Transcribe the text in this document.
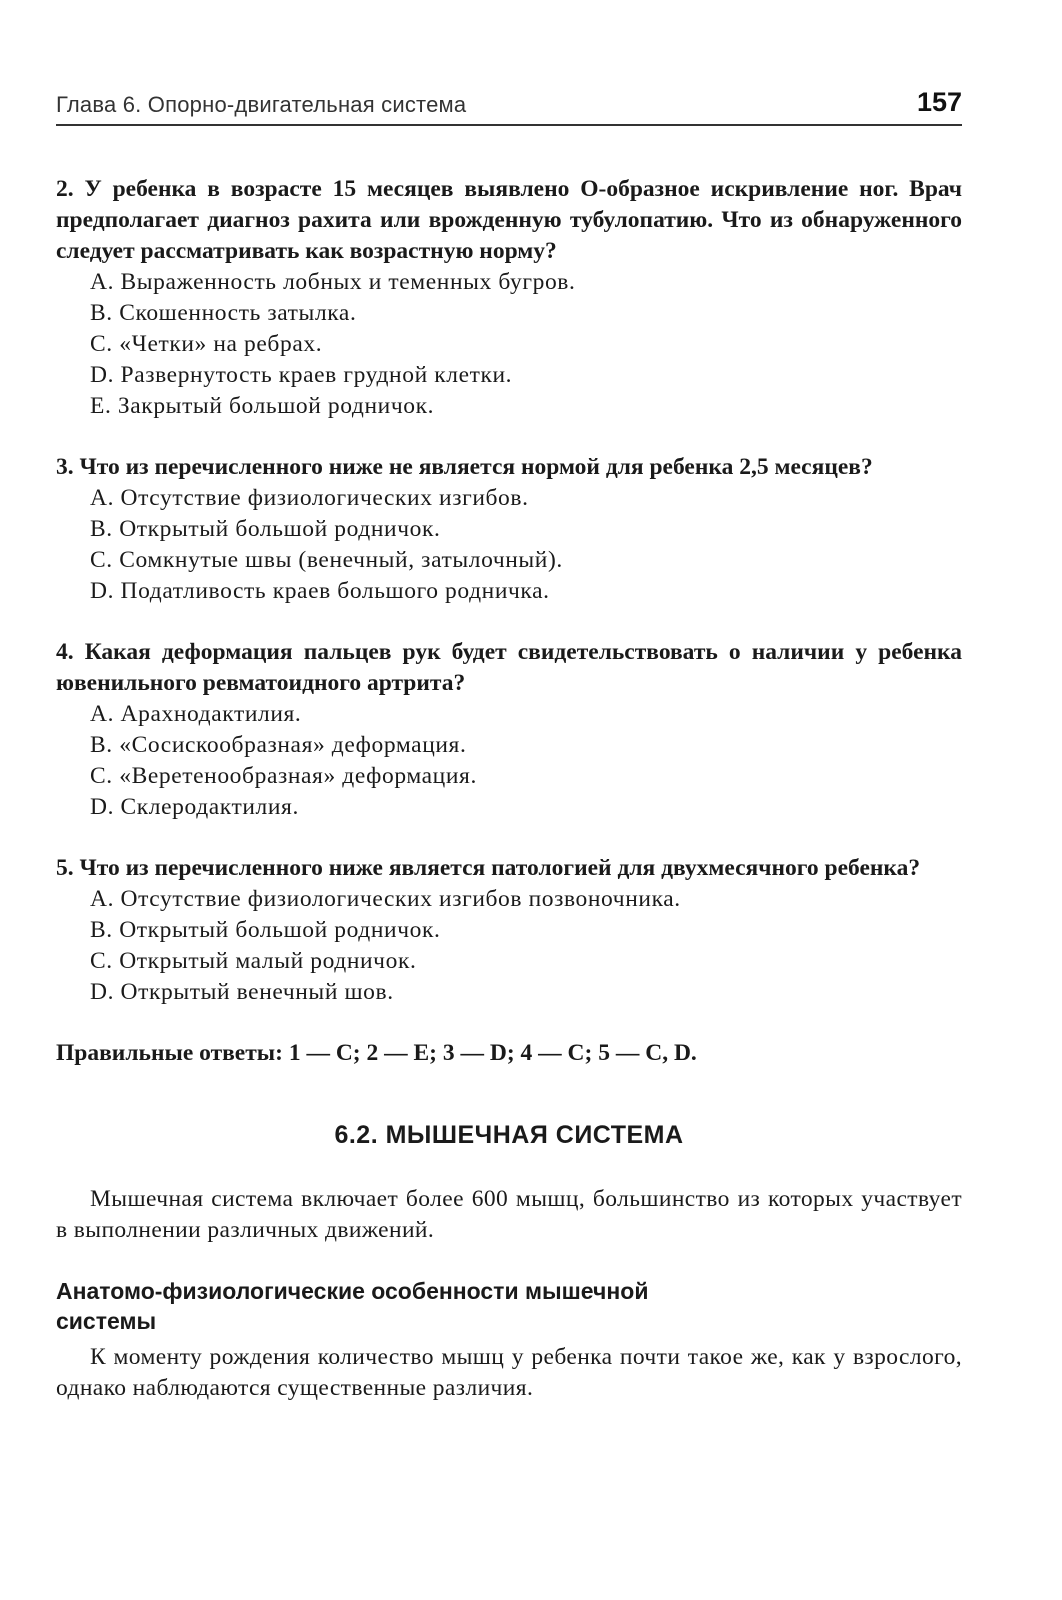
Глава 6. Опорно-двигательная система	157

2. У ребенка в возрасте 15 месяцев выявлено О-образное искривление ног. Врач предполагает диагноз рахита или врожденную тубулопатию. Что из обнаруженного следует рассматривать как возрастную норму?

A. Выраженность лобных и теменных бугров.
B. Скошенность затылка.
C. «Четки» на ребрах.
D. Развернутость краев грудной клетки.
E. Закрытый большой родничок.

3. Что из перечисленного ниже не является нормой для ребенка 2,5 месяцев?

A. Отсутствие физиологических изгибов.
B. Открытый большой родничок.
C. Сомкнутые швы (венечный, затылочный).
D. Податливость краев большого родничка.

4. Какая деформация пальцев рук будет свидетельствовать о наличии у ребенка ювенильного ревматоидного артрита?

A. Арахнодактилия.
B. «Сосискообразная» деформация.
C. «Веретенообразная» деформация.
D. Склеродактилия.

5. Что из перечисленного ниже является патологией для двухмесячного ребенка?

A. Отсутствие физиологических изгибов позвоночника.
B. Открытый большой родничок.
C. Открытый малый родничок.
D. Открытый венечный шов.

Правильные ответы: 1 — C; 2 — E; 3 — D; 4 — C; 5 — C, D.

6.2. МЫШЕЧНАЯ СИСТЕМА

Мышечная система включает более 600 мышц, большинство из которых участвует в выполнении различных движений.

Анатомо-физиологические особенности мышечной системы

К моменту рождения количество мышц у ребенка почти такое же, как у взрослого, однако наблюдаются существенные различия.
